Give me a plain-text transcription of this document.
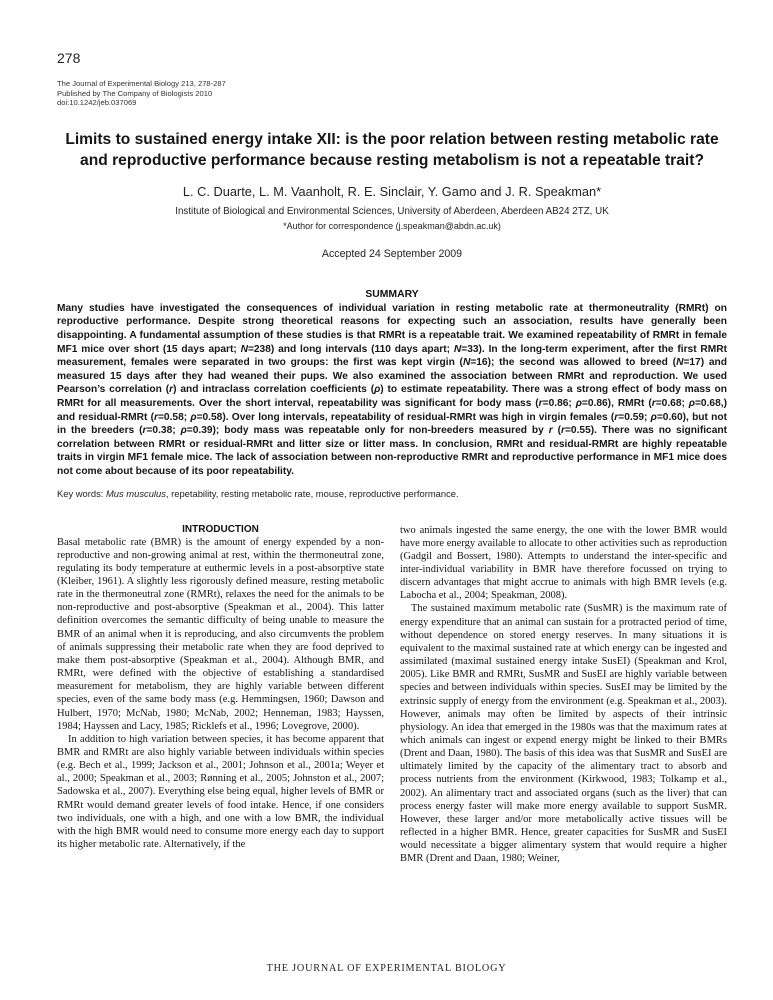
278
The Journal of Experimental Biology 213, 278-287
Published by The Company of Biologists 2010
doi:10.1242/jeb.037069
Limits to sustained energy intake XII: is the poor relation between resting metabolic rate and reproductive performance because resting metabolism is not a repeatable trait?
L. C. Duarte, L. M. Vaanholt, R. E. Sinclair, Y. Gamo and J. R. Speakman*
Institute of Biological and Environmental Sciences, University of Aberdeen, Aberdeen AB24 2TZ, UK
*Author for correspondence (j.speakman@abdn.ac.uk)
Accepted 24 September 2009
SUMMARY
Many studies have investigated the consequences of individual variation in resting metabolic rate at thermoneutrality (RMRt) on reproductive performance. Despite strong theoretical reasons for expecting such an association, results have generally been disappointing. A fundamental assumption of these studies is that RMRt is a repeatable trait. We examined repeatability of RMRt in female MF1 mice over short (15 days apart; N=238) and long intervals (110 days apart; N=33). In the long-term experiment, after the first RMRt measurement, females were separated in two groups: the first was kept virgin (N=16); the second was allowed to breed (N=17) and measured 15 days after they had weaned their pups. We also examined the association between RMRt and reproduction. We used Pearson’s correlation (r) and intraclass correlation coefficients (ρ) to estimate repeatability. There was a strong effect of body mass on RMRt for all measurements. Over the short interval, repeatability was significant for body mass (r=0.86; ρ=0.86), RMRt (r=0.68; ρ=0.68,) and residual-RMRt (r=0.58; ρ=0.58). Over long intervals, repeatability of residual-RMRt was high in virgin females (r=0.59; ρ=0.60), but not in the breeders (r=0.38; ρ=0.39); body mass was repeatable only for non-breeders measured by r (r=0.55). There was no significant correlation between RMRt or residual-RMRt and litter size or litter mass. In conclusion, RMRt and residual-RMRt are highly repeatable traits in virgin MF1 female mice. The lack of association between non-reproductive RMRt and reproductive performance in MF1 mice does not come about because of its poor repeatability.
Key words: Mus musculus, repetability, resting metabolic rate, mouse, reproductive performance.
INTRODUCTION

Basal metabolic rate (BMR) is the amount of energy expended by a non-reproductive and non-growing animal at rest, within the thermoneutral zone, regulating its body temperature at euthermic levels in a post-absorptive state (Kleiber, 1961). A slightly less rigorously defined measure, resting metabolic rate in the thermoneutral zone (RMRt), relaxes the need for the animals to be non-reproductive and post-absorptive (Speakman et al., 2004). This latter definition overcomes the semantic difficulty of being unable to measure the BMR of an animal when it is reproducing, and also circumvents the problem of animals suppressing their metabolic rate when they are food deprived to make them post-absorptive (Speakman et al., 2004). Although BMR, and RMRt, were defined with the objective of establishing a standardised measurement for metabolism, they are highly variable between different species, even of the same body mass (e.g. Hemmingsen, 1960; Dawson and Hulbert, 1970; McNab, 1980; McNab, 2002; Henneman, 1983; Hayssen, 1984; Hayssen and Lacy, 1985; Ricklefs et al., 1996; Lovegrove, 2000).

In addition to high variation between species, it has become apparent that BMR and RMRt are also highly variable between individuals within species (e.g. Bech et al., 1999; Jackson et al., 2001; Johnson et al., 2001a; Weyer et al., 2000; Speakman et al., 2003; Rønning et al., 2005; Johnston et al., 2007; Sadowska et al., 2007). Everything else being equal, higher levels of BMR or RMRt would demand greater levels of food intake. Hence, if one considers two individuals, one with a high, and one with a low BMR, the individual with the high BMR would need to consume more energy each day to support its higher metabolic rate. Alternatively, if the

two animals ingested the same energy, the one with the lower BMR would have more energy available to allocate to other activities such as reproduction (Gadgil and Bossert, 1980). Attempts to understand the inter-specific and inter-individual variability in BMR have therefore focussed on trying to discern advantages that might accrue to animals with high BMR levels (e.g. Labocha et al., 2004; Speakman, 2008).

The sustained maximum metabolic rate (SusMR) is the maximum rate of energy expenditure that an animal can sustain for a protracted period of time, without dependence on stored energy reserves. In many situations it is equivalent to the maximal sustained rate at which energy can be ingested and assimilated (maximal sustained energy intake SusEI) (Speakman and Krol, 2005). Like BMR and RMRt, SusMR and SusEI are highly variable between species and between individuals within species. SusEI may be limited by the extrinsic supply of energy from the environment (e.g. Speakman et al., 2003). However, animals may often be limited by aspects of their intrinsic physiology. An idea that emerged in the 1980s was that the maximum rates at which animals can ingest or expend energy might be linked to their BMRs (Drent and Daan, 1980). The basis of this idea was that SusMR and SusEI are ultimately limited by the capacity of the alimentary tract to absorb and process nutrients from the environment (Kirkwood, 1983; Tolkamp et al., 2002). An alimentary tract and associated organs (such as the liver) that can process energy faster will make more energy available to support SusMR. However, these larger and/or more metabolically active tissues will be reflected in a higher BMR. Hence, greater capacities for SusMR and SusEI would necessitate a bigger alimentary system that would require a higher BMR (Drent and Daan, 1980; Weiner,

THE JOURNAL OF EXPERIMENTAL BIOLOGY
